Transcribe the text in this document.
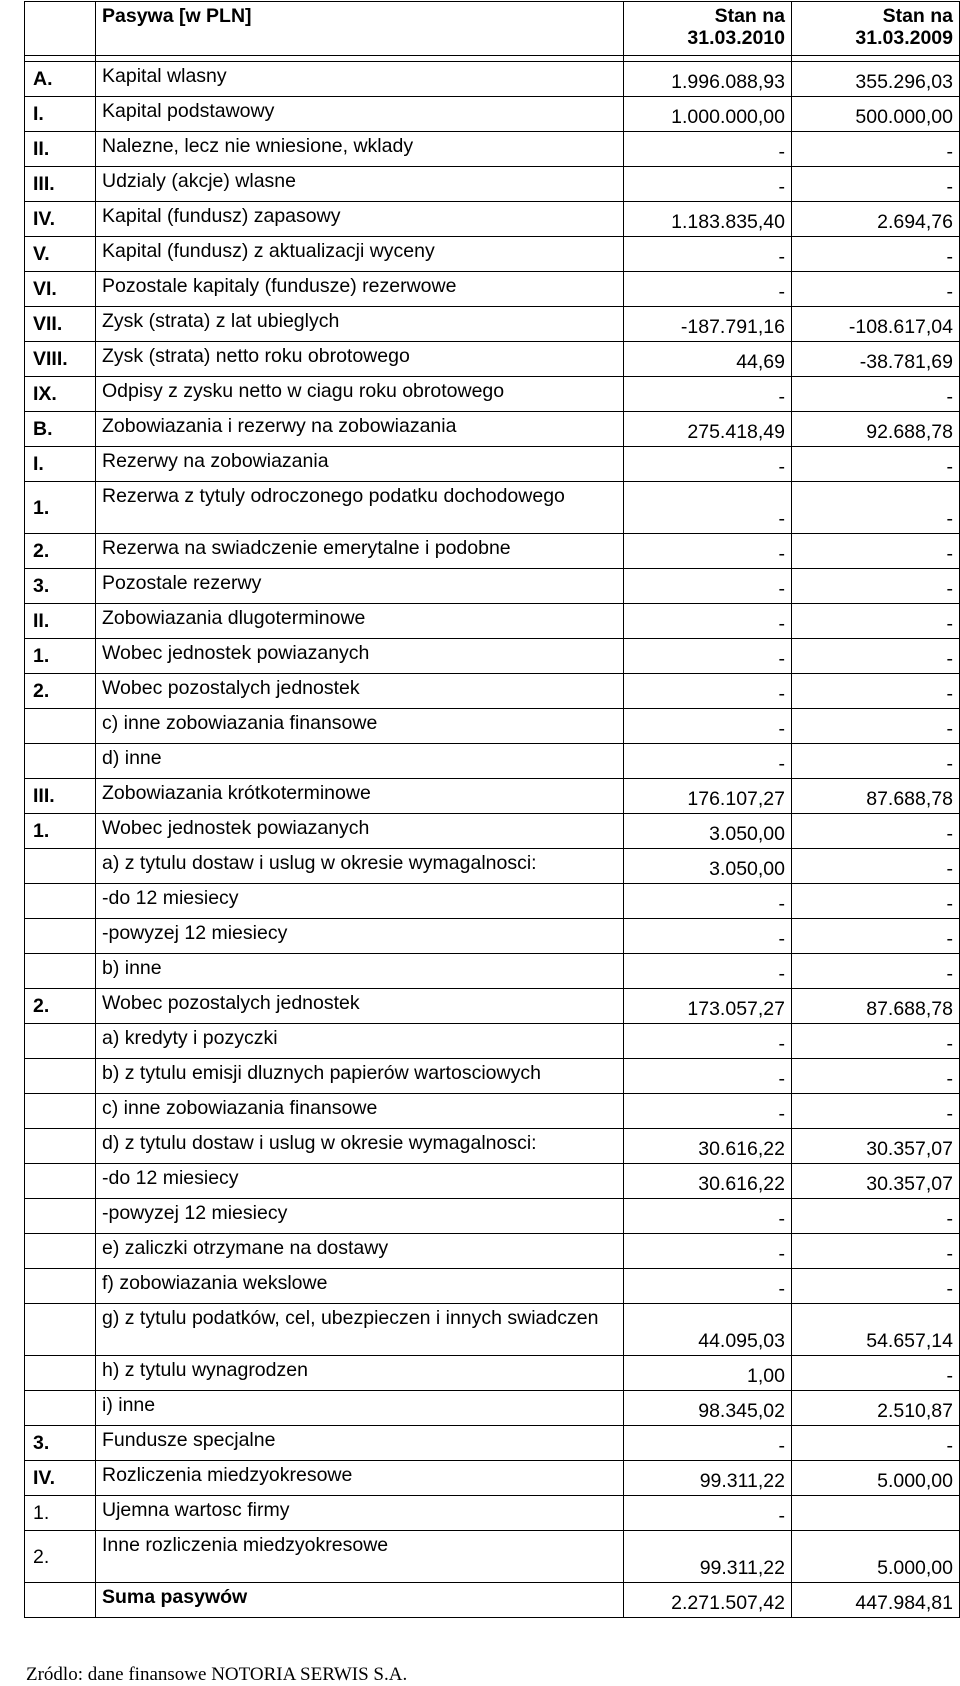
	Pasywa [w PLN]	Stan na 31.03.2010	Stan na 31.03.2009

A.	Kapital wlasny	1.996.088,93	355.296,03
I.	Kapital podstawowy	1.000.000,00	500.000,00
II.	Nalezne, lecz nie wniesione, wklady	-	-
III.	Udzialy (akcje) wlasne	-	-
IV.	Kapital (fundusz) zapasowy	1.183.835,40	2.694,76
V.	Kapital (fundusz) z aktualizacji wyceny	-	-
VI.	Pozostale kapitaly (fundusze) rezerwowe	-	-
VII.	Zysk (strata) z lat ubieglych	-187.791,16	-108.617,04
VIII.	Zysk (strata) netto roku obrotowego	44,69	-38.781,69
IX.	Odpisy z zysku netto w ciagu roku obrotowego	-	-
B.	Zobowiazania i rezerwy na zobowiazania	275.418,49	92.688,78
I.	Rezerwy na zobowiazania	-	-
1.	Rezerwa z tytuly odroczonego podatku dochodowego	-	-
2.	Rezerwa na swiadczenie emerytalne i podobne	-	-
3.	Pozostale rezerwy	-	-
II.	Zobowiazania dlugoterminowe	-	-
1.	Wobec jednostek powiazanych	-	-
2.	Wobec pozostalych jednostek	-	-
	c) inne zobowiazania finansowe	-	-
	d) inne	-	-
III.	Zobowiazania krótkoterminowe	176.107,27	87.688,78
1.	Wobec jednostek powiazanych	3.050,00	-
	a) z tytulu dostaw i uslug w okresie wymagalnosci:	3.050,00	-
	-do 12 miesiecy	-	-
	-powyzej 12 miesiecy	-	-
	b) inne	-	-
2.	Wobec pozostalych jednostek	173.057,27	87.688,78
	a) kredyty i pozyczki	-	-
	b) z tytulu emisji dluznych papierów wartosciowych	-	-
	c) inne zobowiazania finansowe	-	-
	d) z tytulu dostaw i uslug w okresie wymagalnosci:	30.616,22	30.357,07
	-do 12 miesiecy	30.616,22	30.357,07
	-powyzej 12 miesiecy	-	-
	e) zaliczki otrzymane na dostawy	-	-
	f) zobowiazania wekslowe	-	-
	g) z tytulu podatków, cel, ubezpieczen i innych swiadczen	44.095,03	54.657,14
	h) z tytulu wynagrodzen	1,00	-
	i) inne	98.345,02	2.510,87
3.	Fundusze specjalne	-	-
IV.	Rozliczenia miedzyokresowe	99.311,22	5.000,00
1.	Ujemna wartosc firmy	-	
2.	Inne rozliczenia miedzyokresowe	99.311,22	5.000,00
	Suma pasywów	2.271.507,42	447.984,81
Zródlo: dane finansowe NOTORIA SERWIS S.A.
